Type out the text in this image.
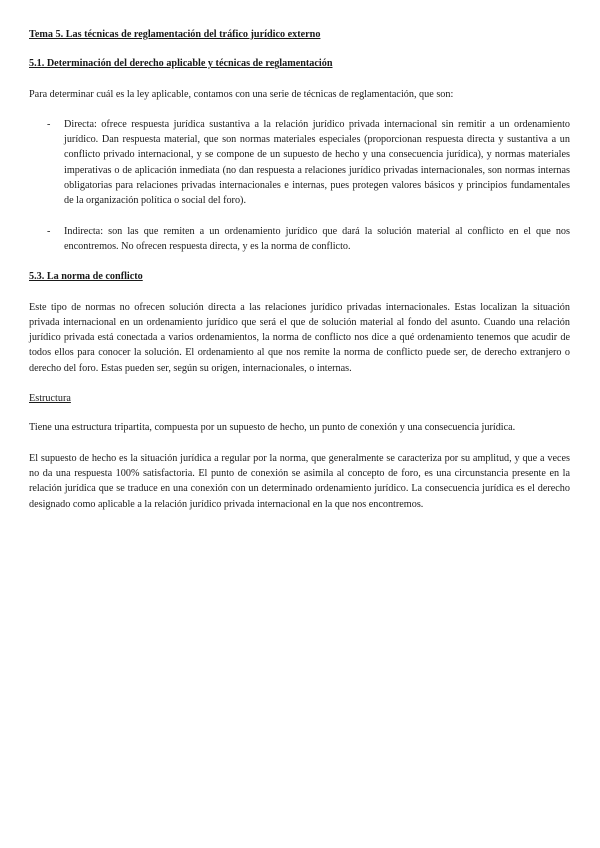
Tema 5. Las técnicas de reglamentación del tráfico jurídico externo
5.1. Determinación del derecho aplicable y técnicas de reglamentación

Para determinar cuál es la ley aplicable, contamos con una serie de técnicas de reglamentación, que son:

- Directa: ofrece respuesta jurídica sustantiva a la relación jurídico privada internacional sin remitir a un ordenamiento jurídico. Dan respuesta material, que son normas materiales especiales (proporcionan respuesta directa y sustantiva a un conflicto privado internacional, y se compone de un supuesto de hecho y una consecuencia jurídica), y normas materiales imperativas o de aplicación inmediata (no dan respuesta a relaciones jurídico privadas internacionales, son normas internas obligatorias para relaciones privadas internacionales e internas, pues protegen valores básicos y principios fundamentales de la organización política o social del foro).
- Indirecta: son las que remiten a un ordenamiento jurídico que dará la solución material al conflicto en el que nos encontremos. No ofrecen respuesta directa, y es la norma de conflicto.
5.3. La norma de conflicto

Este tipo de normas no ofrecen solución directa a las relaciones jurídico privadas internacionales. Estas localizan la situación privada internacional en un ordenamiento jurídico que será el que de solución material al fondo del asunto. Cuando una relación jurídico privada está conectada a varios ordenamientos, la norma de conflicto nos dice a qué ordenamiento tenemos que acudir de todos ellos para conocer la solución. El ordenamiento al que nos remite la norma de conflicto puede ser, de derecho extranjero o derecho del foro. Estas pueden ser, según su origen, internacionales, o internas.

Estructura

Tiene una estructura tripartita, compuesta por un supuesto de hecho, un punto de conexión y una consecuencia jurídica.

El supuesto de hecho es la situación jurídica a regular por la norma, que generalmente se caracteriza por su amplitud, y que a veces no da una respuesta 100% satisfactoria. El punto de conexión se asimila al concepto de foro, es una circunstancia presente en la relación jurídica que se traduce en una conexión con un determinado ordenamiento jurídico. La consecuencia jurídica es el derecho designado como aplicable a la relación jurídico privada internacional en la que nos encontremos.
